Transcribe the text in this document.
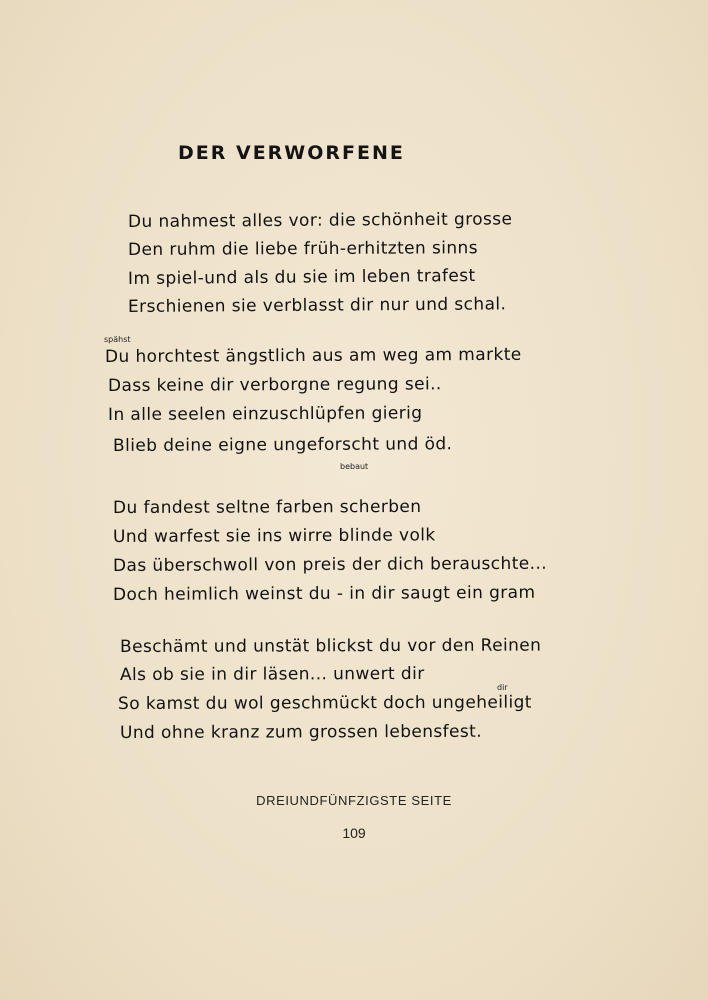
DER VERWORFENE
Du nahmest alles vor: die schönheit grosse
Den ruhm die liebe früh-erhitzten sinns
Im spiel-und als du sie im leben trafest
Erschienen sie verblasst dir nur und schal.
spähst
Du horchtest ängstlich aus am weg am markte
Dass keine dir verborgne regung sei..
In alle seelen einzuschlüpfen gierig
Blieb deine eigne ungeforscht und öd.
bebaut
Du fandest seltne farben scherben
Und warfest sie ins wirre blinde volk
Das überschwoll von preis der dich berauschte...
Doch heimlich weinst du - in dir saugt ein gram
Beschämt und unstät blickst du vor den Reinen
Als ob sie in dir läsen... unwert dir
dir
So kamst du wol geschmückt doch ungeheiligt
Und ohne kranz zum grossen lebensfest.
DREIUNDFÜNFZIGSTE SEITE
109
